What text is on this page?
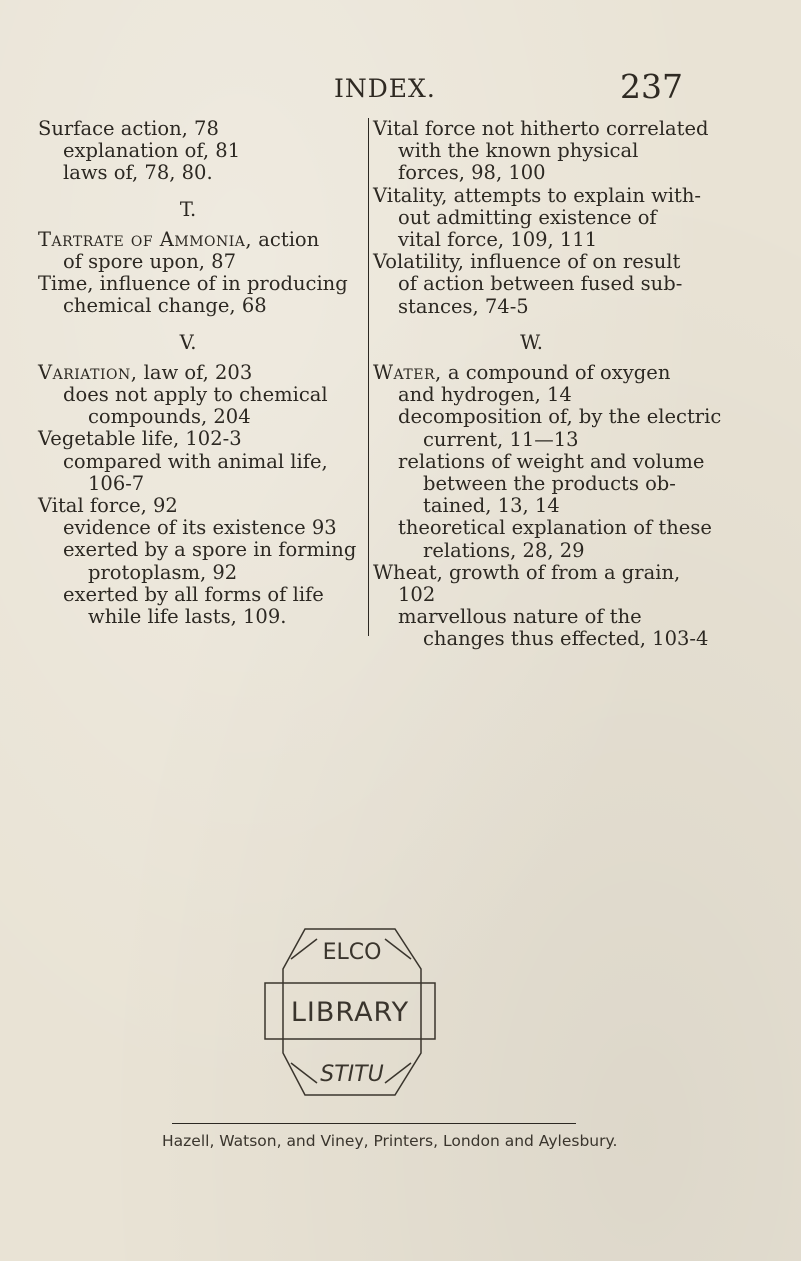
INDEX.	237
Surface action, 78
explanation of, 81
laws of, 78, 80.
T.
Tartrate of Ammonia, action
of spore upon, 87
Time, influence of in producing
chemical change, 68
V.
Variation, law of, 203
does not apply to chemical
compounds, 204
Vegetable life, 102-3
compared with animal life,
106-7
Vital force, 92
evidence of its existence 93
exerted by a spore in forming
protoplasm, 92
exerted by all forms of life
while life lasts, 109.
Vital force not hitherto correlated
with the known physical
forces, 98, 100
Vitality, attempts to explain with-
out admitting existence of
vital force, 109, 111
Volatility, influence of on result
of action between fused sub-
stances, 74-5
W.
Water, a compound of oxygen
and hydrogen, 14
decomposition of, by the electric
current, 11—13
relations of weight and volume
between the products ob-
tained, 13, 14
theoretical explanation of these
relations, 28, 29
Wheat, growth of from a grain,
102
marvellous nature of the
changes thus effected, 103-4
ELCO
LIBRARY
STITU
Hazell, Watson, and Viney, Printers, London and Aylesbury.
